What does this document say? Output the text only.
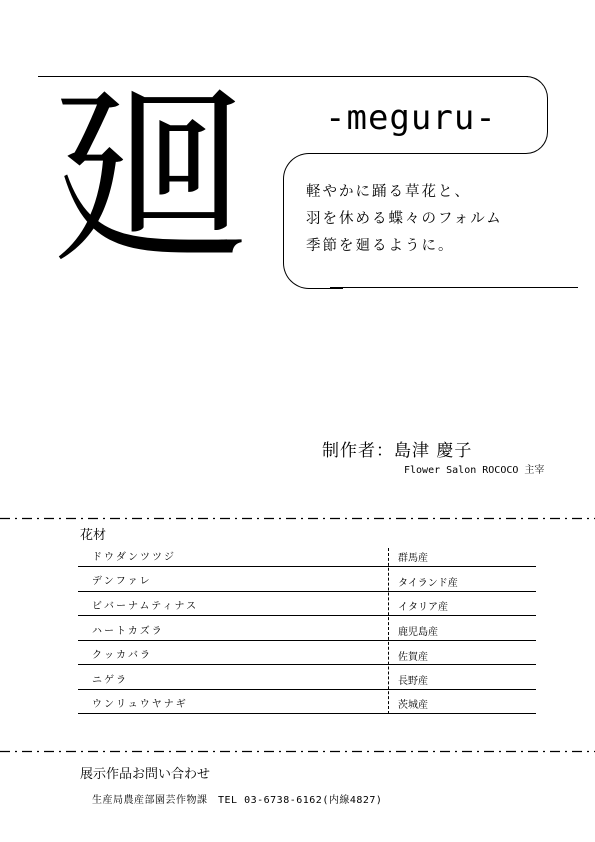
廻 -meguru-
軽やかに踊る草花と、
羽を休める蝶々のフォルム
季節を廻るように。
制作者：島津 慶子
Flower Salon ROCOCO 主宰
花材
ドウダンツツジ	群馬産
デンファレ	タイランド産
ビバーナムティナス	イタリア産
ハートカズラ	鹿児島産
クッカバラ	佐賀産
ニゲラ	長野産
ウンリュウヤナギ	茨城産
展示作品お問い合わせ
生産局農産部園芸作物課　TEL 03-6738-6162(内線4827)
